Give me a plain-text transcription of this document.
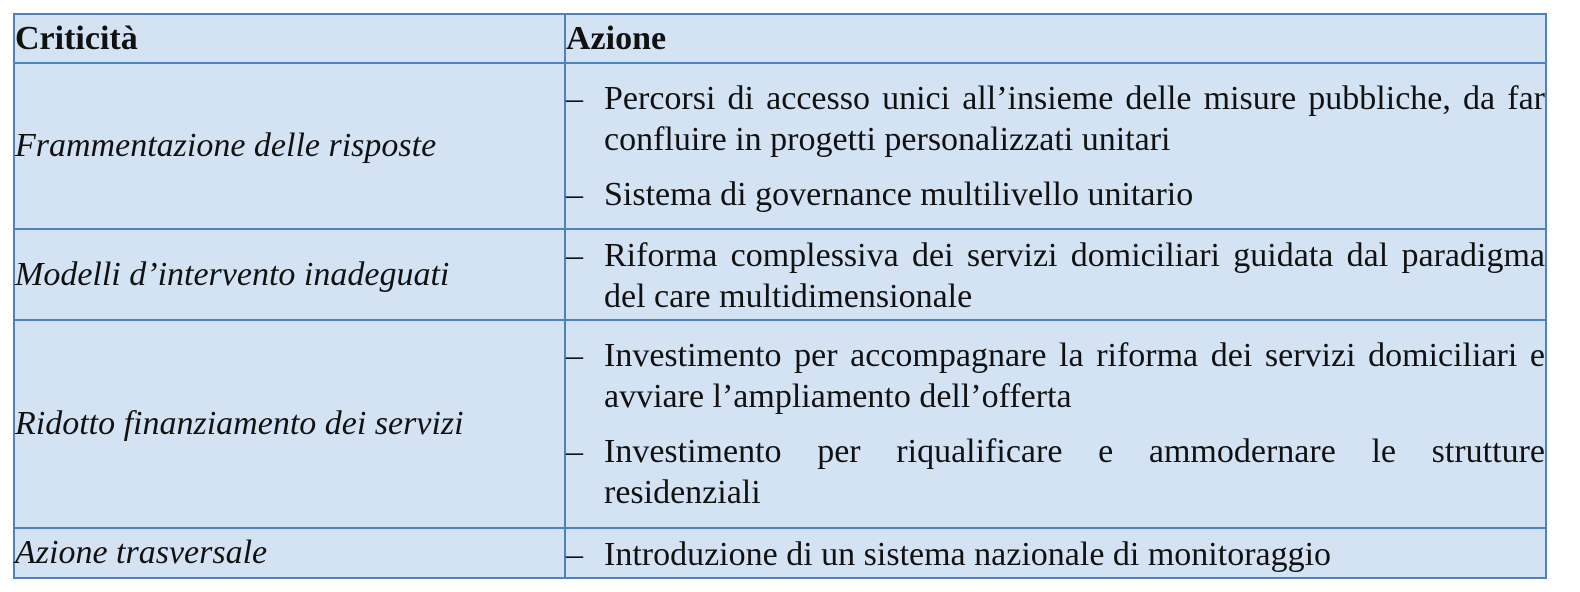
Criticità	Azione
Frammentazione delle risposte	– Percorsi di accesso unici all’insieme delle misure pubbliche, da far confluire in progetti personalizzati unitari
– Sistema di governance multilivello unitario

Modelli d’intervento inadeguati	– Riforma complessiva dei servizi domiciliari guidata dal paradigma del care multidimensionale

Ridotto finanziamento dei servizi	– Investimento per accompagnare la riforma dei servizi domiciliari e avviare l’ampliamento dell’offerta
– Investimento per riqualificare e ammodernare le strutture residenziali

Azione trasversale	– Introduzione di un sistema nazionale di monitoraggio
